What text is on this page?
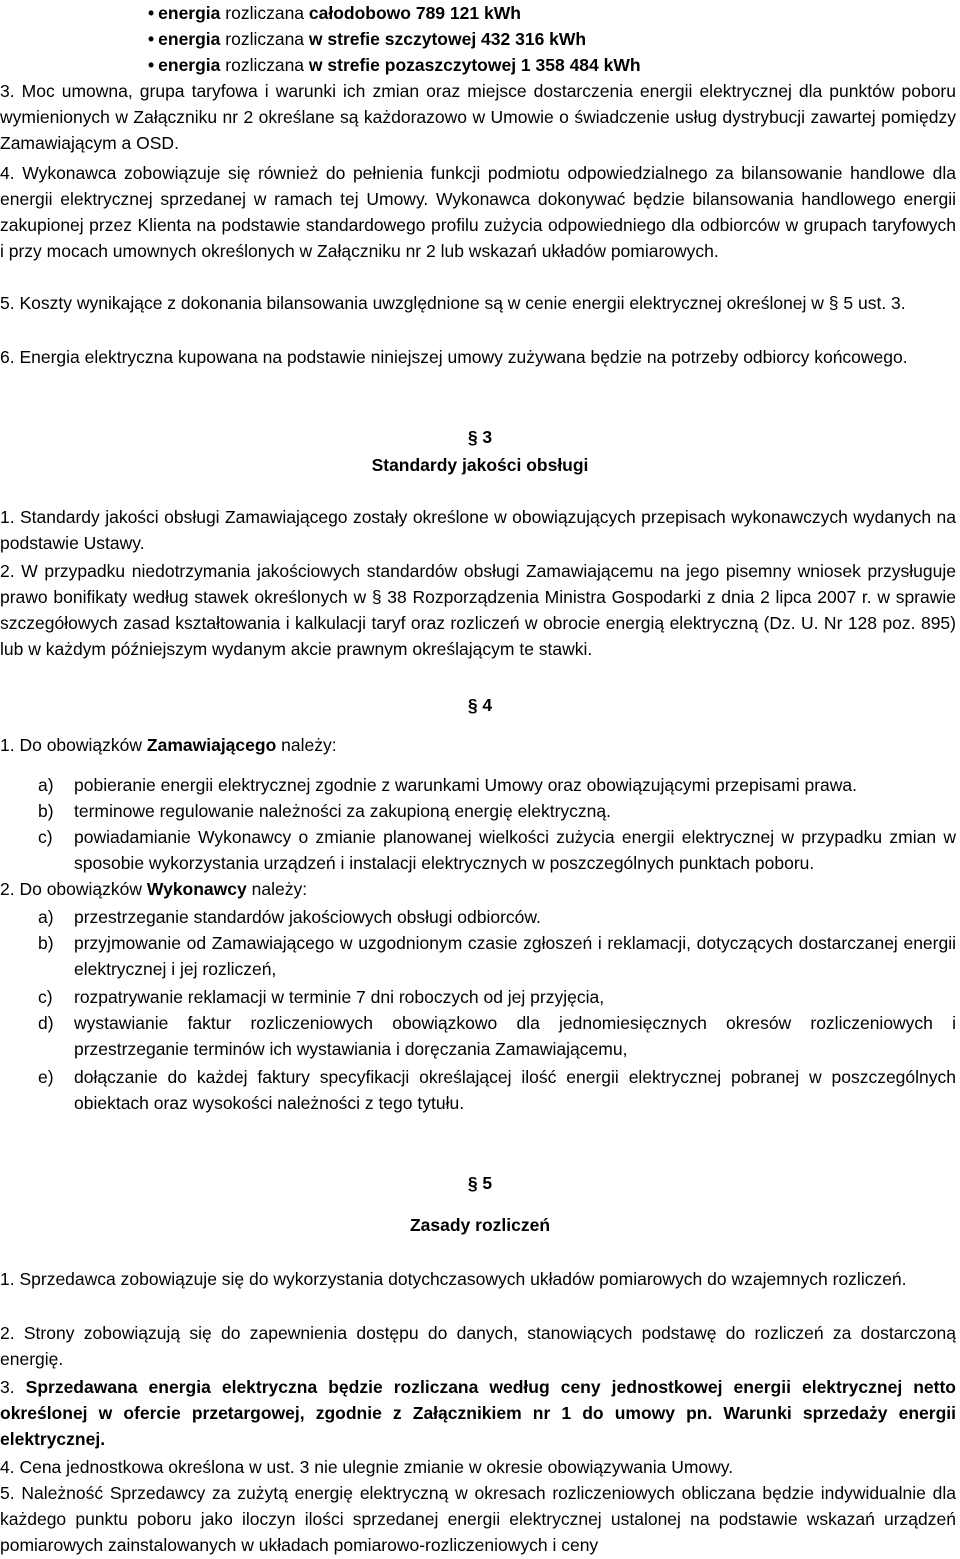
• energia rozliczana całodobowo 789 121 kWh
• energia rozliczana w strefie szczytowej 432 316 kWh
• energia rozliczana w strefie pozaszczytowej 1 358 484 kWh

3. Moc umowna, grupa taryfowa i warunki ich zmian oraz miejsce dostarczenia energii elektrycznej dla punktów poboru wymienionych w Załączniku nr 2 określane są każdorazowo w Umowie o świadczenie usług dystrybucji zawartej pomiędzy Zamawiającym a OSD.

4. Wykonawca zobowiązuje się również do pełnienia funkcji podmiotu odpowiedzialnego za bilansowanie handlowe dla energii elektrycznej sprzedanej w ramach tej Umowy. Wykonawca dokonywać będzie bilansowania handlowego energii zakupionej przez Klienta na podstawie standardowego profilu zużycia odpowiedniego dla odbiorców w grupach taryfowych i przy mocach umownych określonych w Załączniku nr 2 lub wskazań układów pomiarowych.

5. Koszty wynikające z dokonania bilansowania uwzględnione są w cenie energii elektrycznej określonej w § 5 ust. 3.

6. Energia elektryczna kupowana na podstawie niniejszej umowy zużywana będzie na potrzeby odbiorcy końcowego.

§ 3
Standardy jakości obsługi

1. Standardy jakości obsługi Zamawiającego zostały określone w obowiązujących przepisach wykonawczych wydanych na podstawie Ustawy.

2. W przypadku niedotrzymania jakościowych standardów obsługi Zamawiającemu na jego pisemny wniosek przysługuje prawo bonifikaty według stawek określonych w § 38 Rozporządzenia Ministra Gospodarki z dnia 2 lipca 2007 r. w sprawie szczegółowych zasad kształtowania i kalkulacji taryf oraz rozliczeń w obrocie energią elektryczną (Dz. U. Nr 128 poz. 895) lub w każdym późniejszym wydanym akcie prawnym określającym te stawki.

§ 4
1. Do obowiązków Zamawiającego należy:
a) pobieranie energii elektrycznej zgodnie z warunkami Umowy oraz obowiązującymi przepisami prawa.
b) terminowe regulowanie należności za zakupioną energię elektryczną.
c) powiadamianie Wykonawcy o zmianie planowanej wielkości zużycia energii elektrycznej w przypadku zmian w sposobie wykorzystania urządzeń i instalacji elektrycznych w poszczególnych punktach poboru.
2. Do obowiązków Wykonawcy należy:
a) przestrzeganie standardów jakościowych obsługi odbiorców.
b) przyjmowanie od Zamawiającego w uzgodnionym czasie zgłoszeń i reklamacji, dotyczących dostarczanej energii elektrycznej i jej rozliczeń,
c) rozpatrywanie reklamacji w terminie 7 dni roboczych od jej przyjęcia,
d) wystawianie faktur rozliczeniowych obowiązkowo dla jednomiesięcznych okresów rozliczeniowych i przestrzeganie terminów ich wystawiania i doręczania Zamawiającemu,
e) dołączanie do każdej faktury specyfikacji określającej ilość energii elektrycznej pobranej w poszczególnych obiektach oraz wysokości należności z tego tytułu.
§ 5
Zasady rozliczeń

1. Sprzedawca zobowiązuje się do wykorzystania dotychczasowych układów pomiarowych do wzajemnych rozliczeń.

2. Strony zobowiązują się do zapewnienia dostępu do danych, stanowiących podstawę do rozliczeń za dostarczoną energię.

3. Sprzedawana energia elektryczna będzie rozliczana według ceny jednostkowej energii elektrycznej netto określonej w ofercie przetargowej, zgodnie z Załącznikiem nr 1 do umowy pn. Warunki sprzedaży energii elektrycznej.

4. Cena jednostkowa określona w ust. 3 nie ulegnie zmianie w okresie obowiązywania Umowy.

5. Należność Sprzedawcy za zużytą energię elektryczną w okresach rozliczeniowych obliczana będzie indywidualnie dla każdego punktu poboru jako iloczyn ilości sprzedanej energii elektrycznej ustalonej na podstawie wskazań urządzeń pomiarowych zainstalowanych w układach pomiarowo-rozliczeniowych i ceny
